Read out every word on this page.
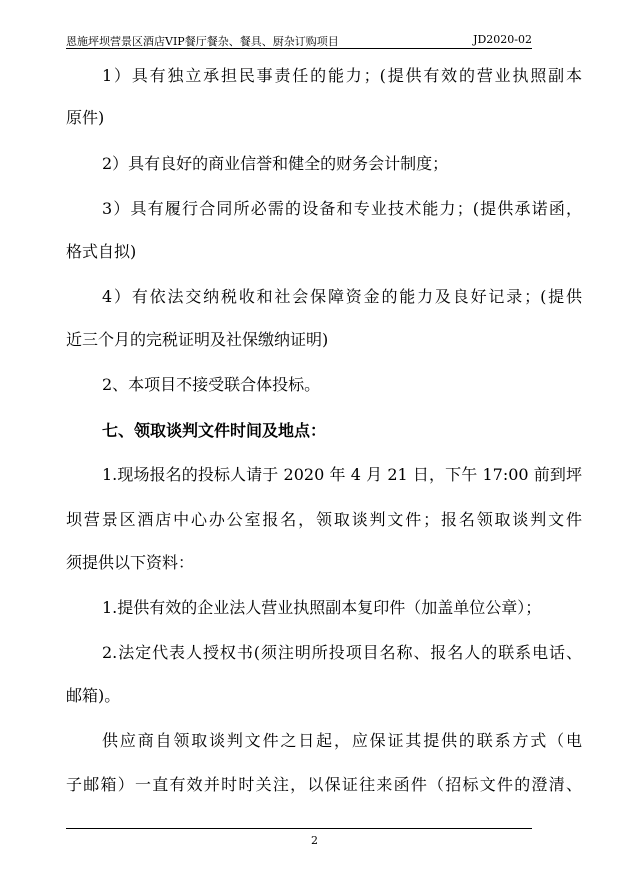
恩施坪坝营景区酒店VIP餐厅餐杂、餐具、厨杂订购项目	JD2020-02
1）具有独立承担民事责任的能力；(提供有效的营业执照副本
原件)
2）具有良好的商业信誉和健全的财务会计制度；
3）具有履行合同所必需的设备和专业技术能力；(提供承诺函，
格式自拟)
4）有依法交纳税收和社会保障资金的能力及良好记录；(提供
近三个月的完税证明及社保缴纳证明)
2、本项目不接受联合体投标。
七、领取谈判文件时间及地点：
1.现场报名的投标人请于 2020 年 4 月 21 日，下午 17:00 前到坪
坝营景区酒店中心办公室报名，领取谈判文件；报名领取谈判文件
须提供以下资料：
1.提供有效的企业法人营业执照副本复印件（加盖单位公章）；
2.法定代表人授权书(须注明所投项目名称、报名人的联系电话、
邮箱)。
供应商自领取谈判文件之日起，应保证其提供的联系方式（电
子邮箱）一直有效并时时关注，以保证往来函件（招标文件的澄清、
2
